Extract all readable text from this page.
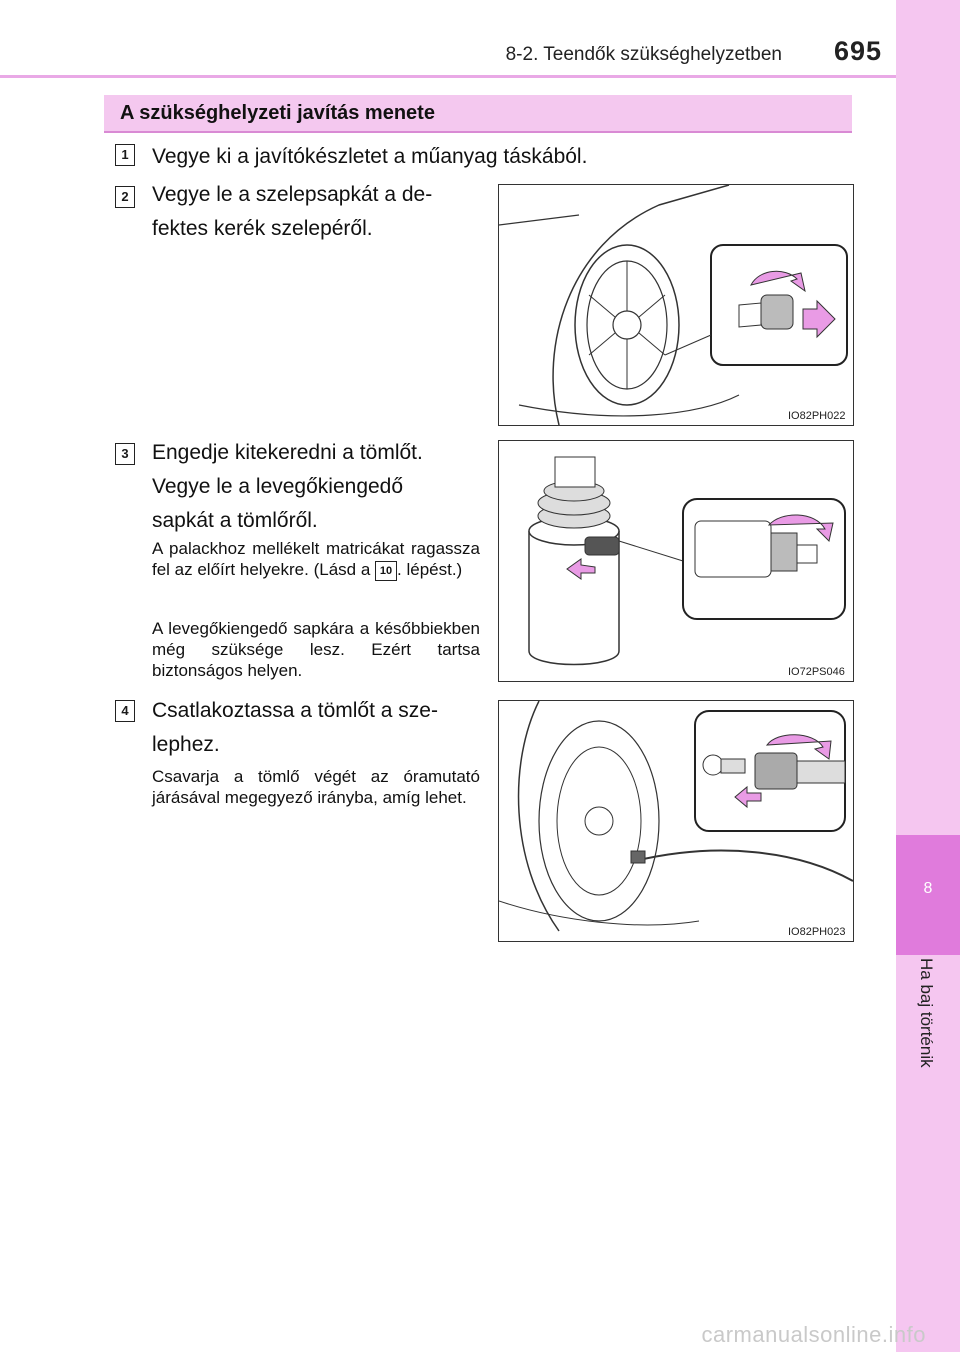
8-2. Teendők szükséghelyzetben 695
8
Ha baj történik
A szükséghelyzeti javítás menete
1	Vegye ki a javítókészletet a műanyag táskából.
2	Vegye le a szelepsapkát a de-
fektes kerék szelepéről.
IO82PH022
3	Engedje kitekeredni a tömlőt.
Vegye le a levegőkiengedő
sapkát a tömlőről.
A palackhoz mellékelt matricákat ragassza fel az előírt helyekre. (Lásd a 10 . lépést.)
A levegőkiengedő sapkára a későbbiekben még szüksége lesz. Ezért tartsa biztonságos helyen.	IO72PS046
4	Csatlakoztassa a tömlőt a sze-
lephez.
Csavarja a tömlő végét az óramutató járásával megegyező irányba, amíg lehet.
IO82PH023
carmanualsonline.info
